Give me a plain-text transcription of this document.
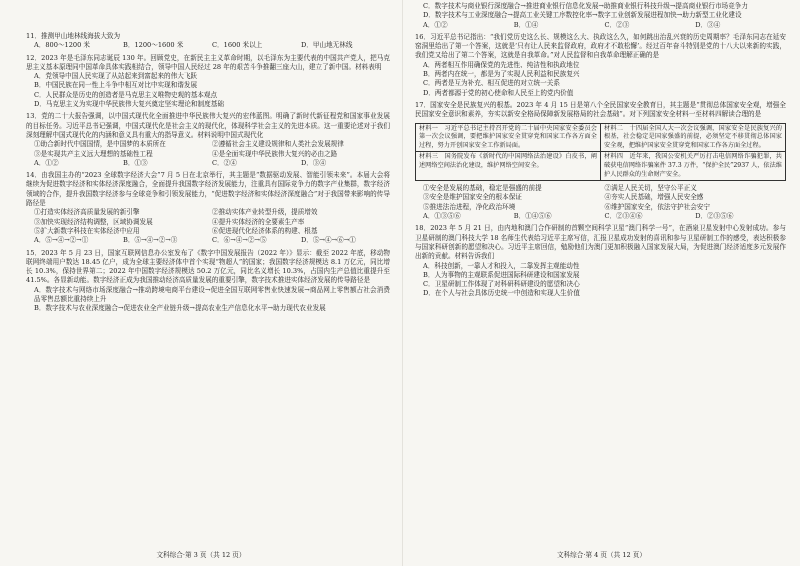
11．推测甲山地林线海拔大致为
A．800～1200 米	B．1200～1600 米	C．1600 米以上	D．甲山地无林线
12．2023 年是毛泽东同志诞辰 130 年。回顾党史，在新民主主义革命时期，以毛泽东为主要代表的中国共产党人，把马克思主义基本原理同中国革命具体实践相结合，领导中国人民经过 28 年的艰苦斗争推翻三座大山，建立了新中国。材料表明
A．党领导中国人民实现了从站起来到富起来的伟大飞跃
B．中国民族在同一性上斗争中相互对比中实现和谐发展
C．人民群众是历史的创造者是马克思主义唯物史观的基本观点
D．马克思主义为实现中华民族伟大复兴奠定坚实理论和制度基础
13．党的二十大报告强调，以中国式现代化全面推进中华民族伟大复兴的宏伟蓝图。明确了新时代新征程党和国家事业发展的目标任务。习近平总书记强调，中国式现代化是社会主义的现代化，体现科学社会主义的先进本质。这一重要论述对于我们深刻理解中国式现代化的内涵和意义具有重大的指导意义。材料说明中国式现代化
①助合新时代中国国情，是中国梦的本质所在	②遵循社会主义建设规律和人类社会发展规律
③是实现共产主义远大理想的基础性工程	④是全面实现中华民族伟大复兴的必由之路
A．①②	B．①③	C．②④	D．③④
14．由我国主办的“2023 全球数字经济大会”7 月 5 日在北京举行，其主题是“数据驱动发展、智能引领未来”。本届大会将继续为促进数字经济和实体经济深度融合，全面提升我国数字经济发展能力，注重具有国际竞争力的数字产业集群，数字经济领域的合作，提升我国数字经济参与全球竞争和引领发展能力，“促进数字经济和实体经济深度融合”对于我国带来影响的传导路径是
①打造实体经济高质量发展的新引擎	②推动实体产业转型升级，提质增效
③加快实现经济结构调整，区域协调发展	④提升实体经济的全要素生产率
⑤扩大新数字科技在实体经济中应用	⑥促进现代化经济体系的构建、根基
A．⑤→④→②→①	B．⑤→④→②→③	C．⑥→④→②→⑤	D．⑤→④→⑥→①
15．2023 年 5 月 23 日，国家互联网信息办公室发布了《数字中国发展报告（2022 年）》显示：截至 2022 年底，移动物联网终端用户数达 18.45 亿户，成为全球主要经济体中首个实现“物超人”的国家；我国数字经济规模达 8.1 万亿元，同比增长 10.3%，保持世界第二；2022 年中国数字经济规模达 50.2 万亿元，同比名义增长 10.3%，占国内生产总值比重提升至 41.5%。各显新动能。数字经济正成为我国推动经济高质量发展的重要引擎，数字技术推进实体经济发展的传导路径是
A．数字技术与网络市场深度融合→推动跨境电商平台建设→促进全国互联网零售业快速发展→商品网上零售额占社会消费品零售总额比重持续上升
B．数字技术与农业深度融合→促进农业全产业链升级→提高农业生产信息化水平→助力现代农业发展
文科综合·第 3 页（共 12 页）
C．数字技术与商业银行深度融合→推进商业银行信息化发展→助推商业银行科技升级→提高商业银行市场竞争力
D．数字技术与工业深度融合→提高工业关键工序数控化率→数字工业创新发展进程加快→助力新型工业化建设
A．①②	B．①④	C．②③	D．③④
16．习近平总书记指出：“我们党历史这么长、规模这么大、执政这么久，如何跳出治乱兴衰的历史周期率？毛泽东同志在延安窑洞里给出了第一个答案，这就是‘只有让人民来监督政府，政府才不敢松懈’。经过百年奋斗特别是党的十八大以来新的实践，我们党又给出了第二个答案，这就是自我革命。”对人民监督和自我革命理解正确的是
A．两者相互作用确保党的先进性、纯洁性和执政地位
B．两者内在统一，都是为了实现人民利益和民族复兴
C．两者是互为补充、相互促进的对立统一关系
D．两者都源于党的初心使命和人民至上的党内价值
17．国家安全是民族复兴的根基。2023 年 4 月 15 日是第八个全民国家安全教育日，其主题是“贯彻总体国家安全观，增强全民国家安全意识和素养，夯实以新安全格局保障新发展格局的社会基础”。对下列国家安全材料一至材料四解读合理的是
材料一　习近平总书记主持召开党的二十届中央国家安全委员会第一次会议强调，要把维护国家安全贯穿党和国家工作各方面全过程，努力开创国家安全工作新局面。	材料二　十四届全国人大一次会议强调，国家安全是民族复兴的根基，社会稳定是国家强盛的前提，必须坚定不移贯彻总体国家安全观，把维护国家安全贯穿党和国家工作各方面全过程。
材料三　国务院发布《新时代的中国网络法治建设》白皮书，阐述网络空间法治化建设，维护网络空间安全。	材料四　近年来，我国公安机关严厉打击电信网络诈骗犯罪，共破获电信网络诈骗案件 37.3 万件，“保护全民”2937 人，依法维护人民群众的生命财产安全。
①安全是发展的基础，稳定是强盛的前提	②满足人民关切，坚守公平正义
③安全是维护国家安全的根本保证	④夯实人民基础，增强人民安全感
⑤推进法治进程，净化政治环境	⑥维护国家安全，依法守护社会安宁
A．①③⑤⑥	B．①④⑤⑥	C．②③④⑥	D．②③⑤⑥
18．2023 年 5 月 21 日，由内地和澳门合作研制的首颗空间科学卫星“澳门科学一号”，在酒泉卫星发射中心发射成功。参与卫星研制的澳门科技大学 18 名师生代表给习近平主席写信，汇报卫星成功发射的喜讯和参与卫星研制工作的感受，表达积极参与国家科研创新的愿望和决心。习近平主席回信，勉励他们为澳门更加积极融入国家发展大局，为促进澳门经济适度多元发展作出新的贡献。材料告诉我们
A．科技创新，一靠人才和投入，二靠发挥主观能动性
B．人为事物的主观联系促进国际科研建设和国家发展
C．卫星研制工作体现了对科研科研建设的愿望和决心
D．在个人与社会具体历史统一中创造和实现人生价值
文科综合·第 4 页（共 12 页）
